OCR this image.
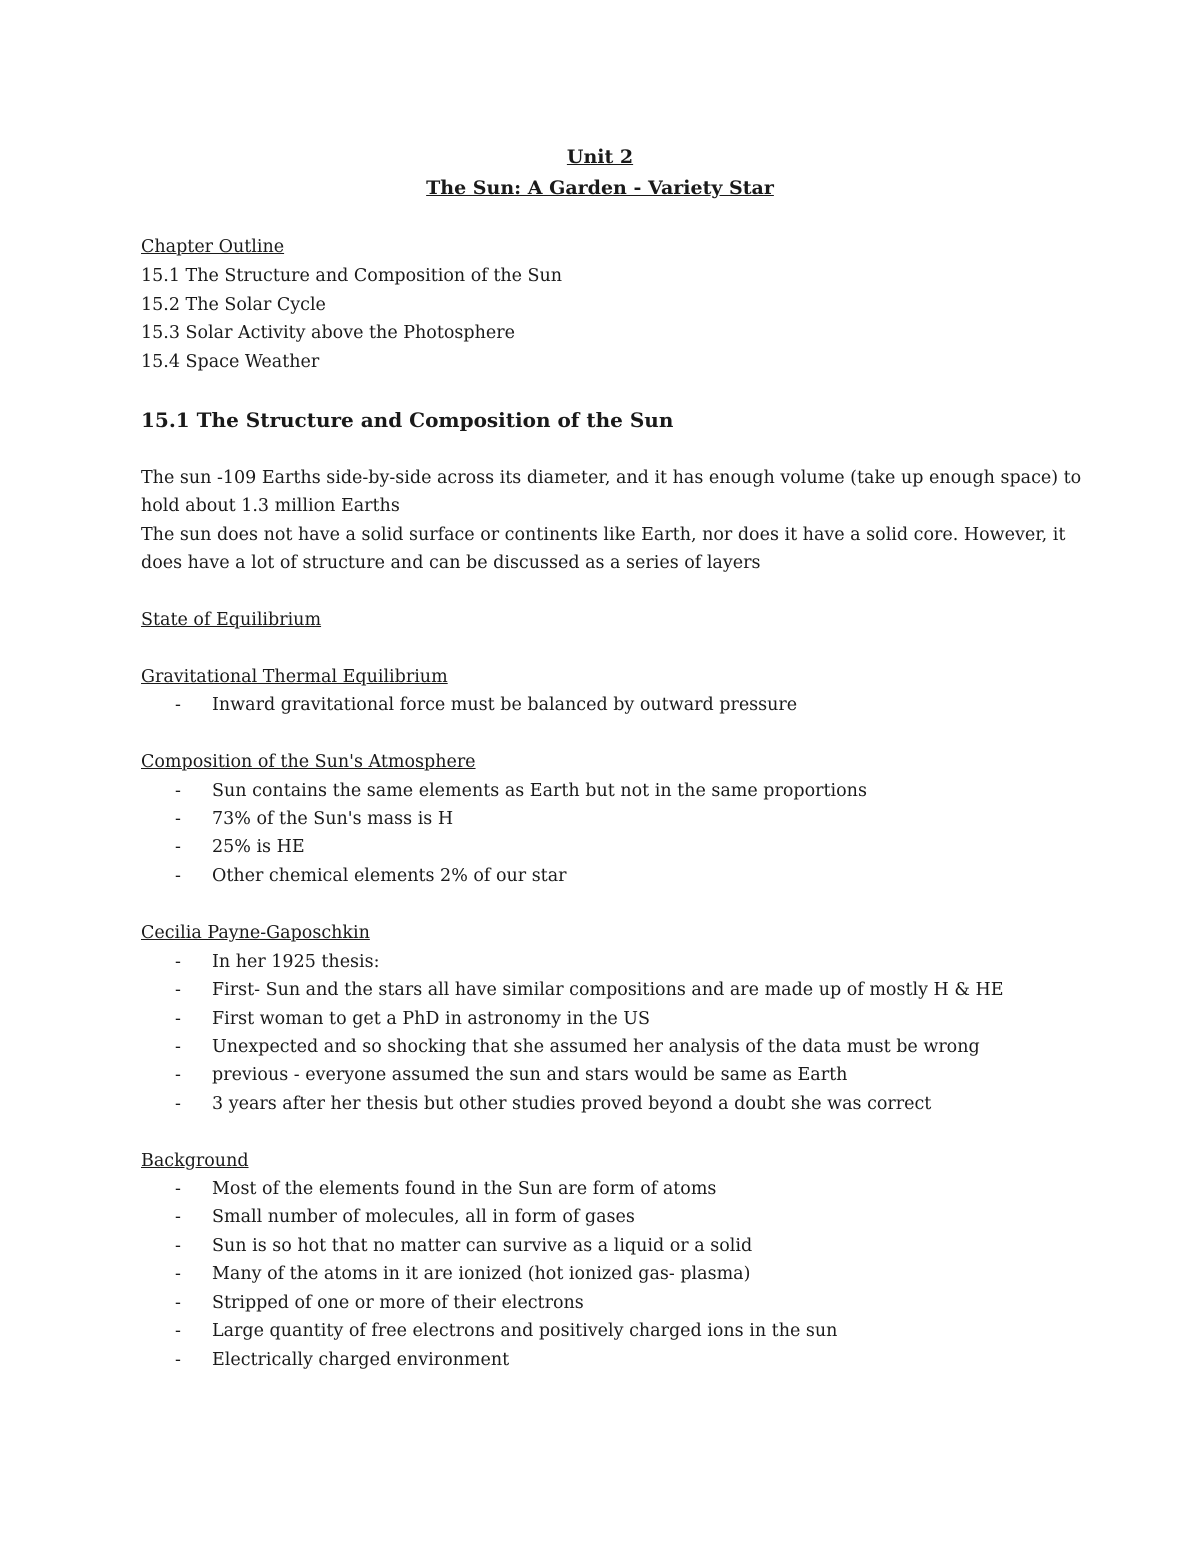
Unit 2
The Sun: A Garden - Variety Star
Chapter Outline
15.1 The Structure and Composition of the Sun
15.2 The Solar Cycle
15.3 Solar Activity above the Photosphere
15.4 Space Weather
15.1 The Structure and Composition of the Sun
The sun -109 Earths side-by-side across its diameter, and it has enough volume (take up enough space) to
hold about 1.3 million Earths
The sun does not have a solid surface or continents like Earth, nor does it have a solid core. However, it
does have a lot of structure and can be discussed as a series of layers
State of Equilibrium
Gravitational Thermal Equilibrium
- Inward gravitational force must be balanced by outward pressure
Composition of the Sun's Atmosphere
- Sun contains the same elements as Earth but not in the same proportions
- 73% of the Sun's mass is H
- 25% is HE
- Other chemical elements 2% of our star
Cecilia Payne-Gaposchkin
- In her 1925 thesis:
- First- Sun and the stars all have similar compositions and are made up of mostly H & HE
- First woman to get a PhD in astronomy in the US
- Unexpected and so shocking that she assumed her analysis of the data must be wrong
- previous - everyone assumed the sun and stars would be same as Earth
- 3 years after her thesis but other studies proved beyond a doubt she was correct
Background
- Most of the elements found in the Sun are form of atoms
- Small number of molecules, all in form of gases
- Sun is so hot that no matter can survive as a liquid or a solid
- Many of the atoms in it are ionized (hot ionized gas- plasma)
- Stripped of one or more of their electrons
- Large quantity of free electrons and positively charged ions in the sun
- Electrically charged environment
